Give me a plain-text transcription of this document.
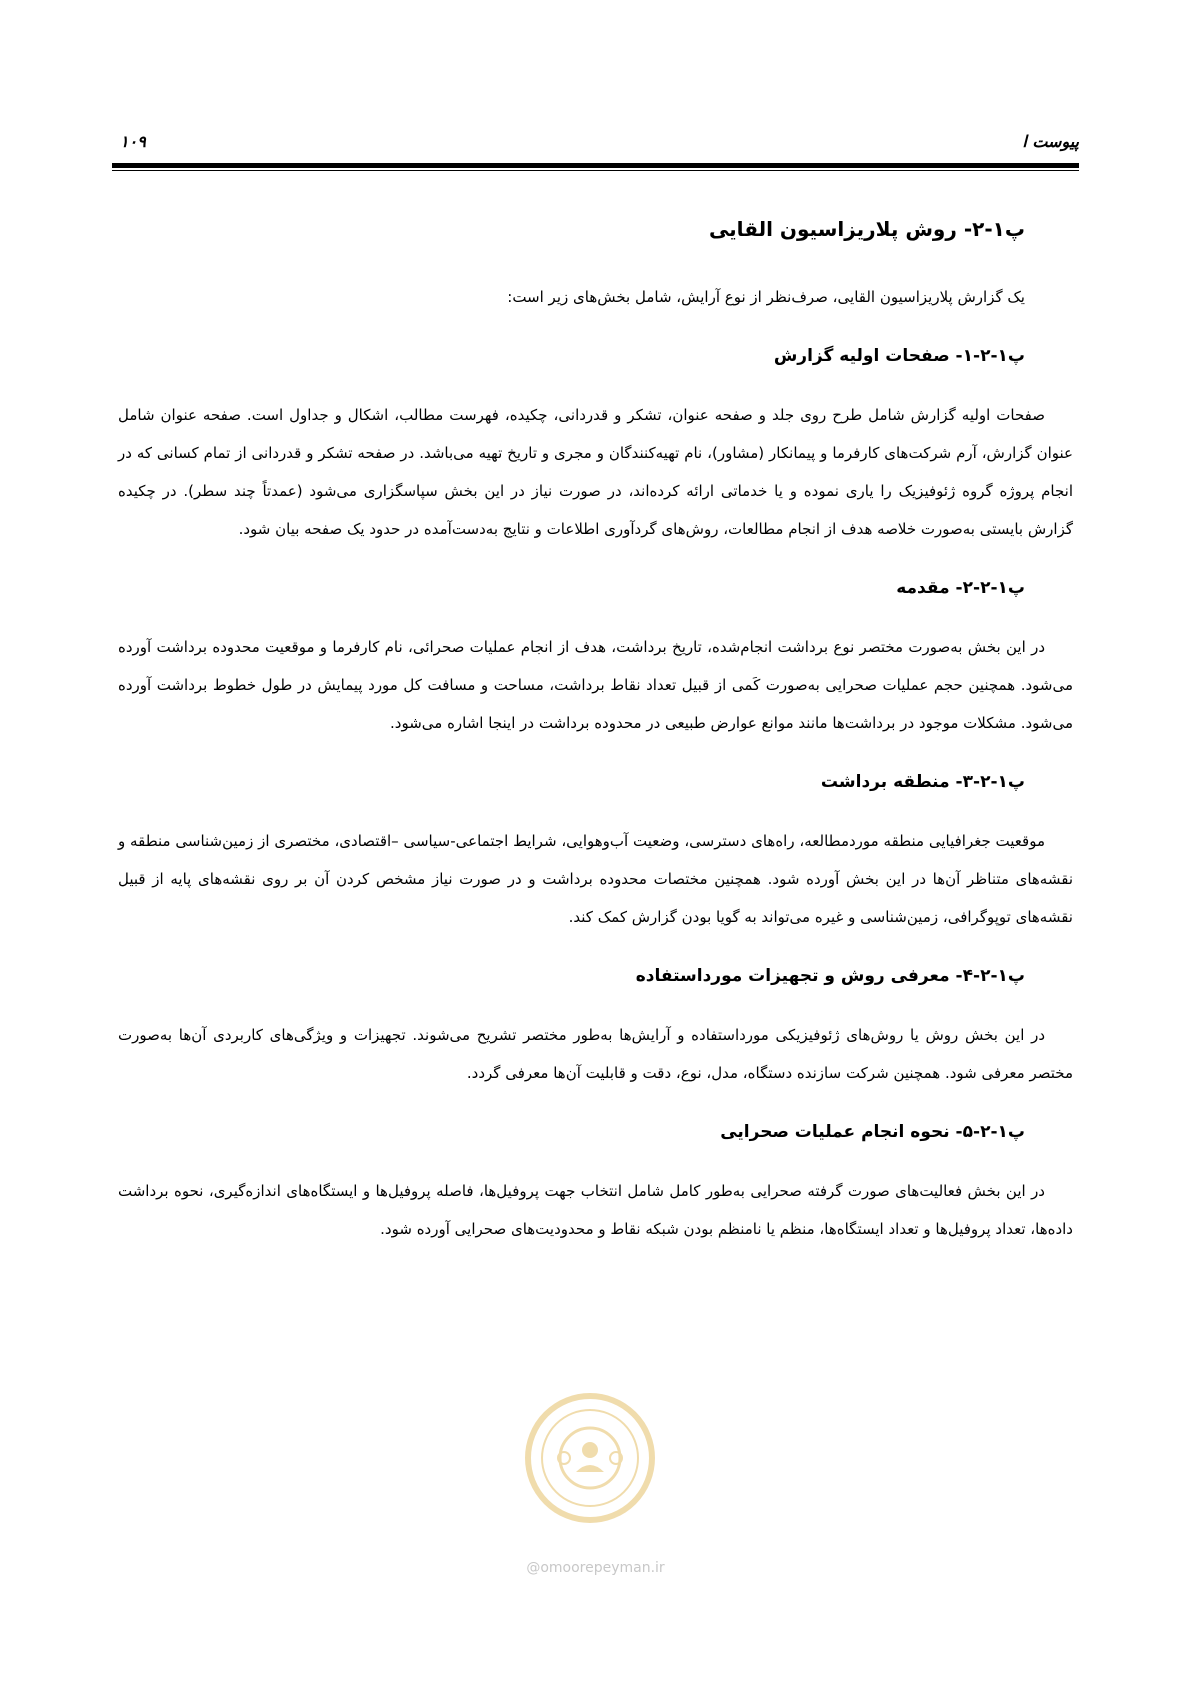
پیوست ا
۱۰۹
پ۱-۲- روش پلاریزاسیون القایی

یک گزارش پلاریزاسیون القایی، صرف‌نظر از نوع آرایش، شامل بخش‌های زیر است:

پ۱-۲-۱- صفحات اولیه گزارش

صفحات اولیه گزارش شامل طرح روی جلد و صفحه عنوان، تشکر و قدردانی، چکیده، فهرست مطالب، اشکال و جداول است. صفحه عنوان شامل عنوان گزارش، آرم شرکت‌های کارفرما و پیمانکار (مشاور)، نام تهیه‌کنندگان و مجری و تاریخ تهیه می‌باشد. در صفحه تشکر و قدردانی از تمام کسانی که در انجام پروژه گروه ژئوفیزیک را یاری نموده و یا خدماتی ارائه کرده‌اند، در صورت نیاز در این بخش سپاسگزاری می‌شود (عمدتاً چند سطر). در چکیده گزارش بایستی به‌صورت خلاصه هدف از انجام مطالعات، روش‌های گردآوری اطلاعات و نتایج به‌دست‌آمده در حدود یک صفحه بیان شود.

پ۱-۲-۲- مقدمه

در این بخش به‌صورت مختصر نوع برداشت انجام‌شده، تاریخ برداشت، هدف از انجام عملیات صحرائی، نام کارفرما و موقعیت محدوده برداشت آورده می‌شود. همچنین حجم عملیات صحرایی به‌صورت کَمی از قبیل تعداد نقاط برداشت، مساحت و مسافت کل مورد پیمایش در طول خطوط برداشت آورده می‌شود. مشکلات موجود در برداشت‌ها مانند موانع عوارض طبیعی در محدوده برداشت در اینجا اشاره می‌شود.

پ۱-۲-۳- منطقه برداشت

موقعیت جغرافیایی منطقه موردمطالعه، راه‌های دسترسی، وضعیت آب‌وهوایی، شرایط اجتماعی-سیاسی –اقتصادی، مختصری از زمین‌شناسی منطقه و نقشه‌های متناظر آن‌ها در این بخش آورده شود. همچنین مختصات محدوده برداشت و در صورت نیاز مشخص کردن آن بر روی نقشه‌های پایه از قبیل نقشه‌های توپوگرافی، زمین‌شناسی و غیره می‌تواند به گویا بودن گزارش کمک کند.

پ۱-۲-۴- معرفی روش و تجهیزات مورداستفاده

در این بخش روش یا روش‌های ژئوفیزیکی مورداستفاده و آرایش‌ها به‌طور مختصر تشریح می‌شوند. تجهیزات و ویژگی‌های کاربردی آن‌ها به‌صورت مختصر معرفی شود. همچنین شرکت سازنده دستگاه، مدل، نوع، دقت و قابلیت آن‌ها معرفی گردد.

پ۱-۲-۵- نحوه انجام عملیات صحرایی

در این بخش فعالیت‌های صورت گرفته صحرایی به‌طور کامل شامل انتخاب جهت پروفیل‌ها، فاصله پروفیل‌ها و ایستگاه‌های اندازه‌گیری، نحوه برداشت داده‌ها، تعداد پروفیل‌ها و تعداد ایستگاه‌ها، منظم یا نامنظم بودن شبکه نقاط و محدودیت‌های صحرایی آورده شود.

@omoorepeyman.ir
